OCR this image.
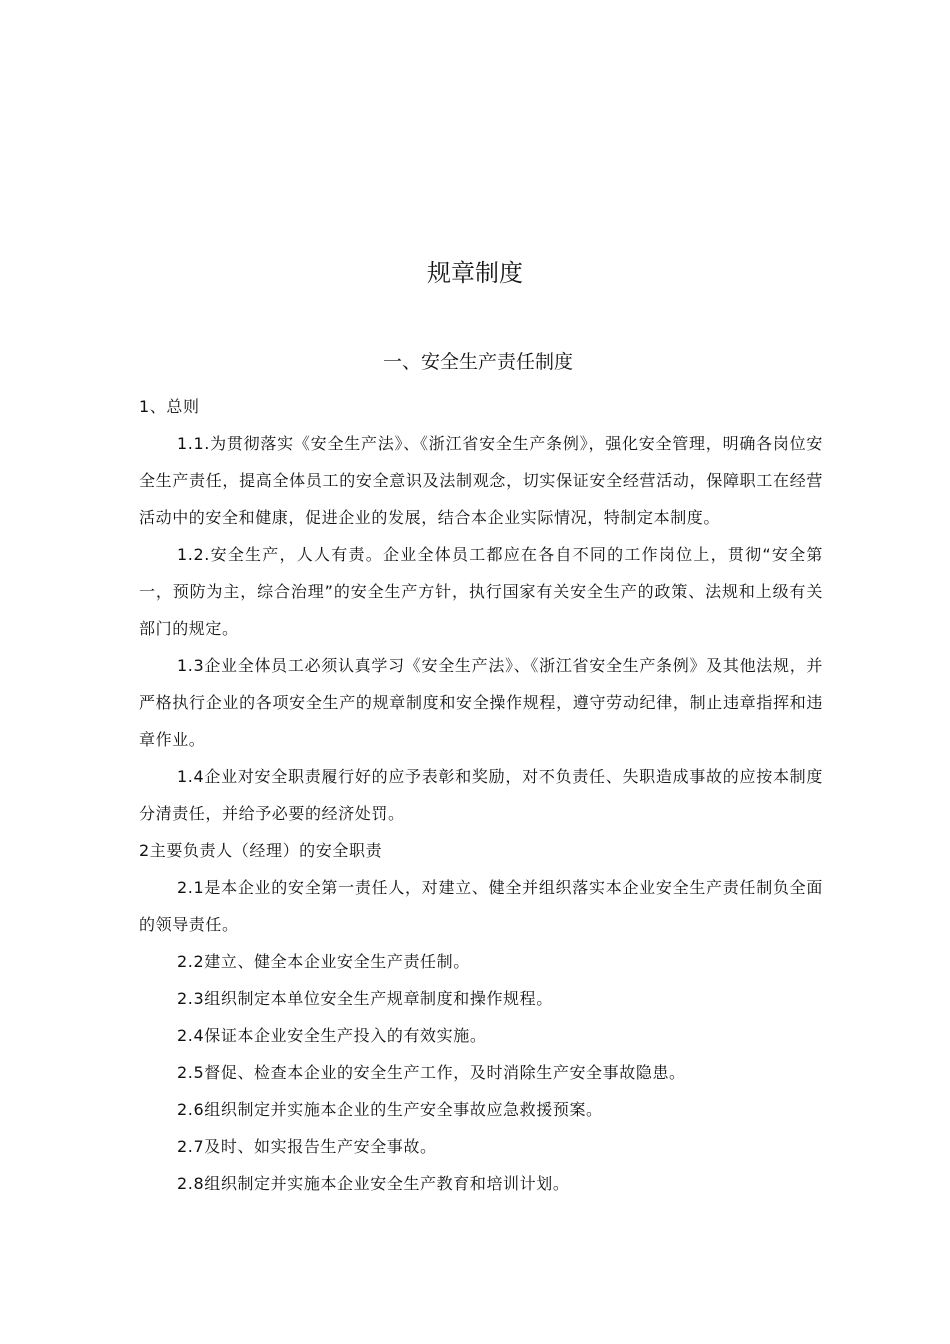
规章制度
一、安全生产责任制度

1、总则

1.1.为贯彻落实《安全生产法》、《浙江省安全生产条例》，强化安全管理，明确各岗位安全生产责任，提高全体员工的安全意识及法制观念，切实保证安全经营活动，保障职工在经营活动中的安全和健康，促进企业的发展，结合本企业实际情况，特制定本制度。

1.2.安全生产，人人有责。企业全体员工都应在各自不同的工作岗位上，贯彻“安全第一，预防为主，综合治理”的安全生产方针，执行国家有关安全生产的政策、法规和上级有关部门的规定。

1.3企业全体员工必须认真学习《安全生产法》、《浙江省安全生产条例》及其他法规，并严格执行企业的各项安全生产的规章制度和安全操作规程，遵守劳动纪律，制止违章指挥和违章作业。

1.4企业对安全职责履行好的应予表彰和奖励，对不负责任、失职造成事故的应按本制度分清责任，并给予必要的经济处罚。

2主要负责人（经理）的安全职责

2.1是本企业的安全第一责任人，对建立、健全并组织落实本企业安全生产责任制负全面的领导责任。

2.2建立、健全本企业安全生产责任制。

2.3组织制定本单位安全生产规章制度和操作规程。

2.4保证本企业安全生产投入的有效实施。

2.5督促、检查本企业的安全生产工作，及时消除生产安全事故隐患。

2.6组织制定并实施本企业的生产安全事故应急救援预案。

2.7及时、如实报告生产安全事故。

2.8组织制定并实施本企业安全生产教育和培训计划。
